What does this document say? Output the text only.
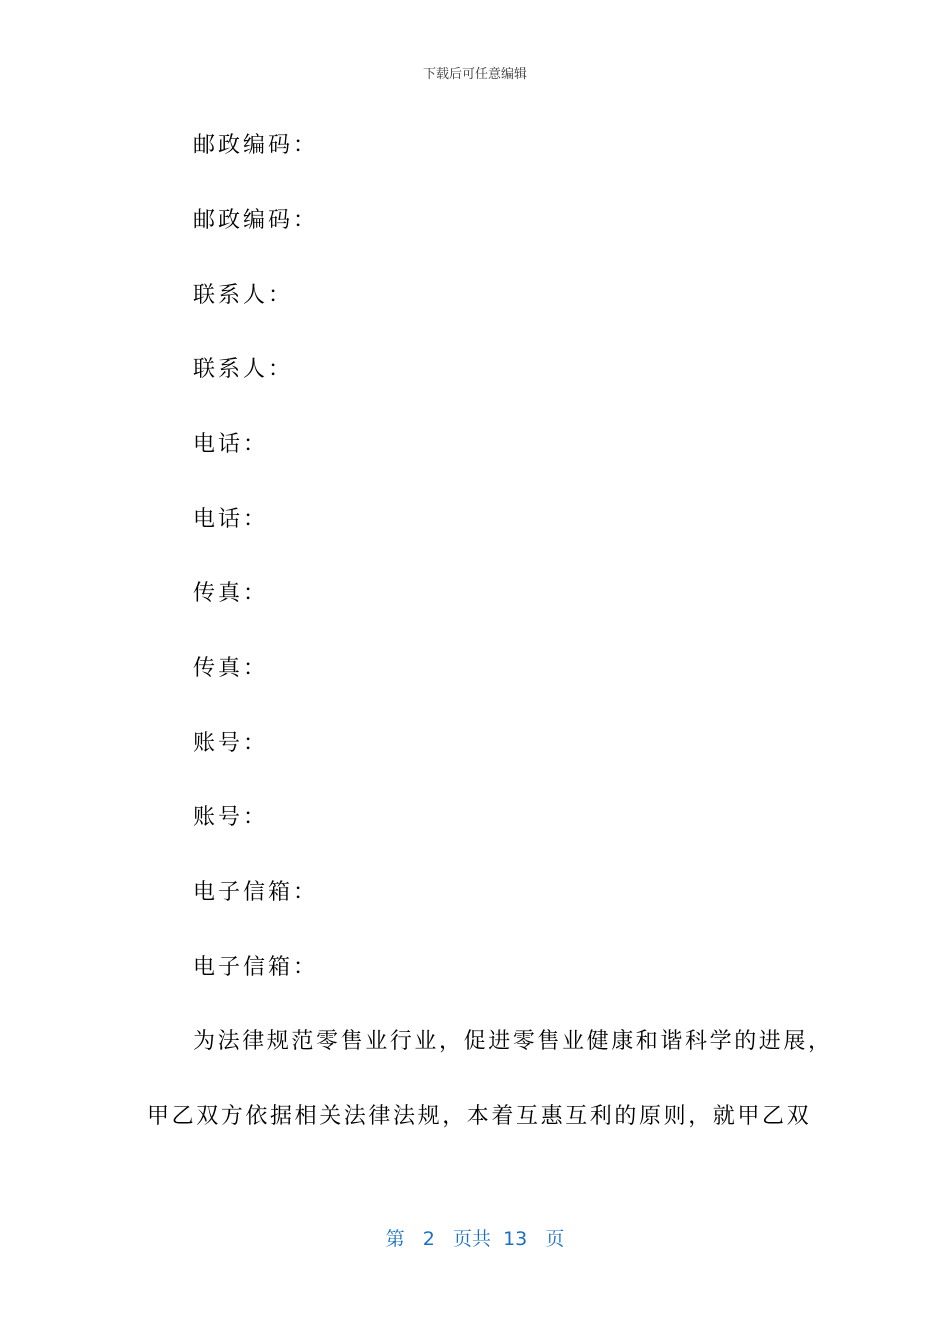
下载后可任意编辑
邮政编码：
邮政编码：
联系人：
联系人：
电话：
电话：
传真：
传真：
账号：
账号：
电子信箱：
电子信箱：
为法律规范零售业行业，促进零售业健康和谐科学的进展，
甲乙双方依据相关法律法规，本着互惠互利的原则，就甲乙双
第 2 页共 13 页
